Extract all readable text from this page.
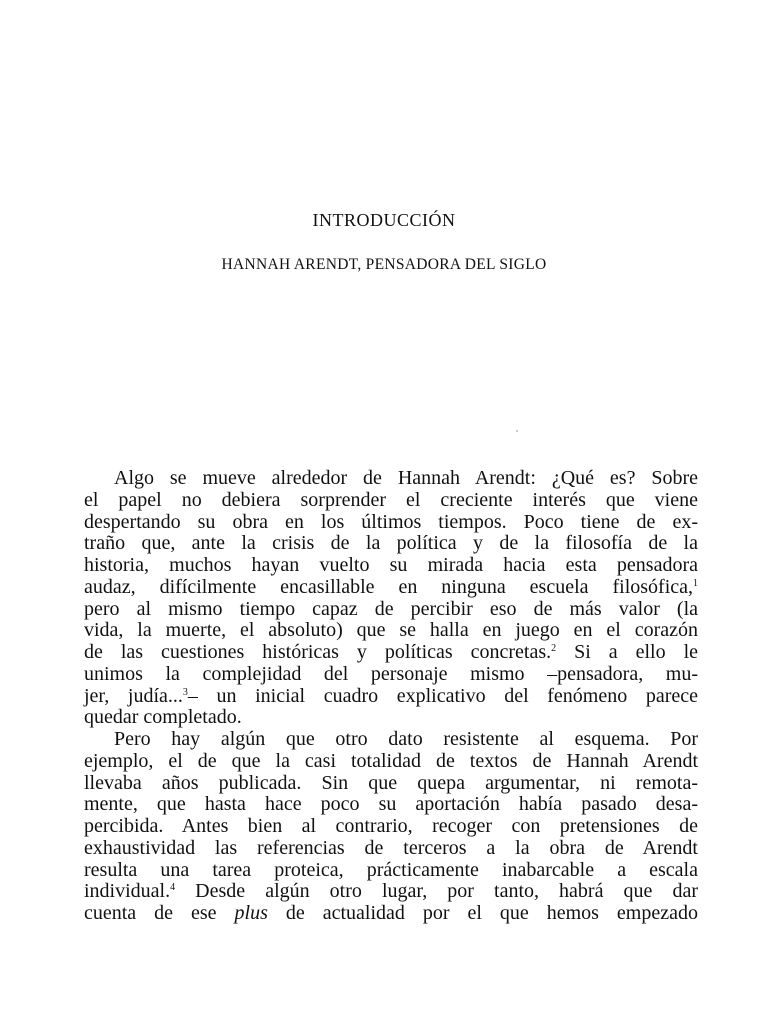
INTRODUCCIÓN
HANNAH ARENDT, PENSADORA DEL SIGLO

Algo se mueve alrededor de Hannah Arendt: ¿Qué es? Sobre
el papel no debiera sorprender el creciente interés que viene
despertando su obra en los últimos tiempos. Poco tiene de ex-
traño que, ante la crisis de la política y de la filosofía de la
historia, muchos hayan vuelto su mirada hacia esta pensadora
audaz, difícilmente encasillable en ninguna escuela filosófica,$^1$
pero al mismo tiempo capaz de percibir eso de más valor (la
vida, la muerte, el absoluto) que se halla en juego en el corazón
de las cuestiones históricas y políticas concretas.$^2$ Si a ello le
unimos la complejidad del personaje mismo –pensadora, mu-
jer, judía...$^3$– un inicial cuadro explicativo del fenómeno parece
quedar completado.

Pero hay algún que otro dato resistente al esquema. Por
ejemplo, el de que la casi totalidad de textos de Hannah Arendt
llevaba años publicada. Sin que quepa argumentar, ni remota-
mente, que hasta hace poco su aportación había pasado desa-
percibida. Antes bien al contrario, recoger con pretensiones de
exhaustividad las referencias de terceros a la obra de Arendt
resulta una tarea proteica, prácticamente inabarcable a escala
individual.$^4$ Desde algún otro lugar, por tanto, habrá que dar
cuenta de ese plus de actualidad por el que hemos empezado
